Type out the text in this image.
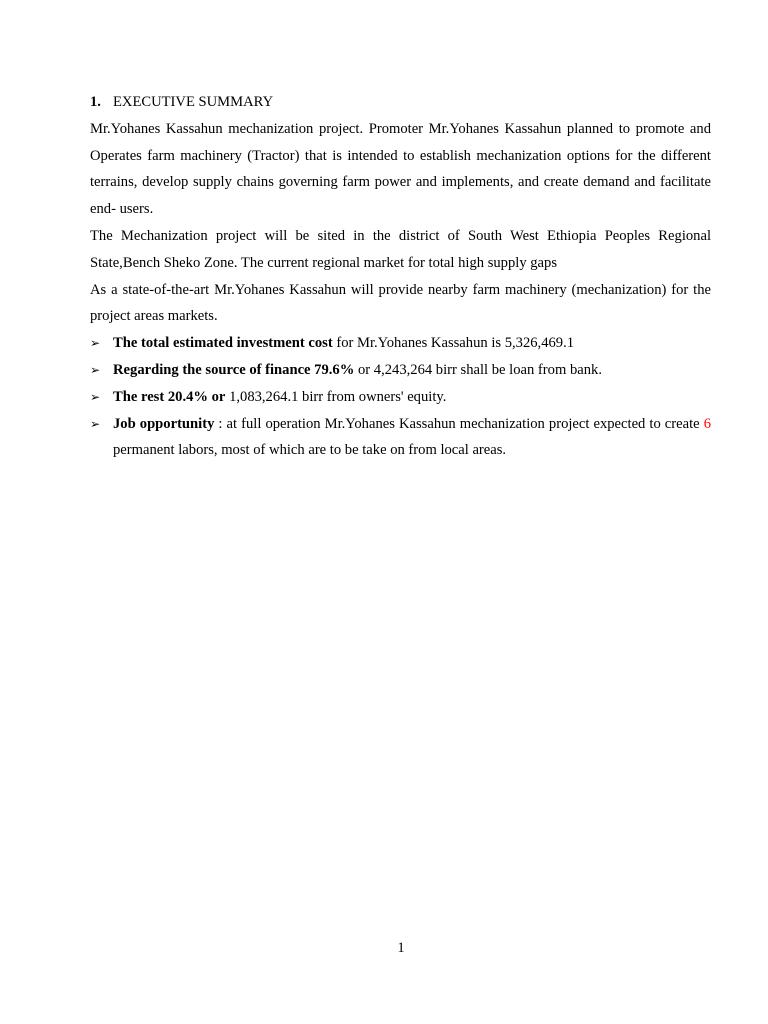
1. EXECUTIVE SUMMARY

Mr.Yohanes Kassahun mechanization project. Promoter Mr.Yohanes Kassahun planned to promote and Operates farm machinery (Tractor) that is intended to establish mechanization options for the different terrains, develop supply chains governing farm power and implements, and create demand and facilitate end- users.

The Mechanization project will be sited in the district of South West Ethiopia Peoples Regional State,Bench Sheko Zone. The current regional market for total high supply gaps

As a state-of-the-art Mr.Yohanes Kassahun will provide nearby farm machinery (mechanization) for the project areas markets.

➢ The total estimated investment cost for Mr.Yohanes Kassahun is 5,326,469.1
➢ Regarding the source of finance 79.6% or 4,243,264 birr shall be loan from bank.
➢ The rest 20.4% or 1,083,264.1 birr from owners' equity.
➢ Job opportunity : at full operation Mr.Yohanes Kassahun mechanization project expected to create 6 permanent labors, most of which are to be take on from local areas.
1
